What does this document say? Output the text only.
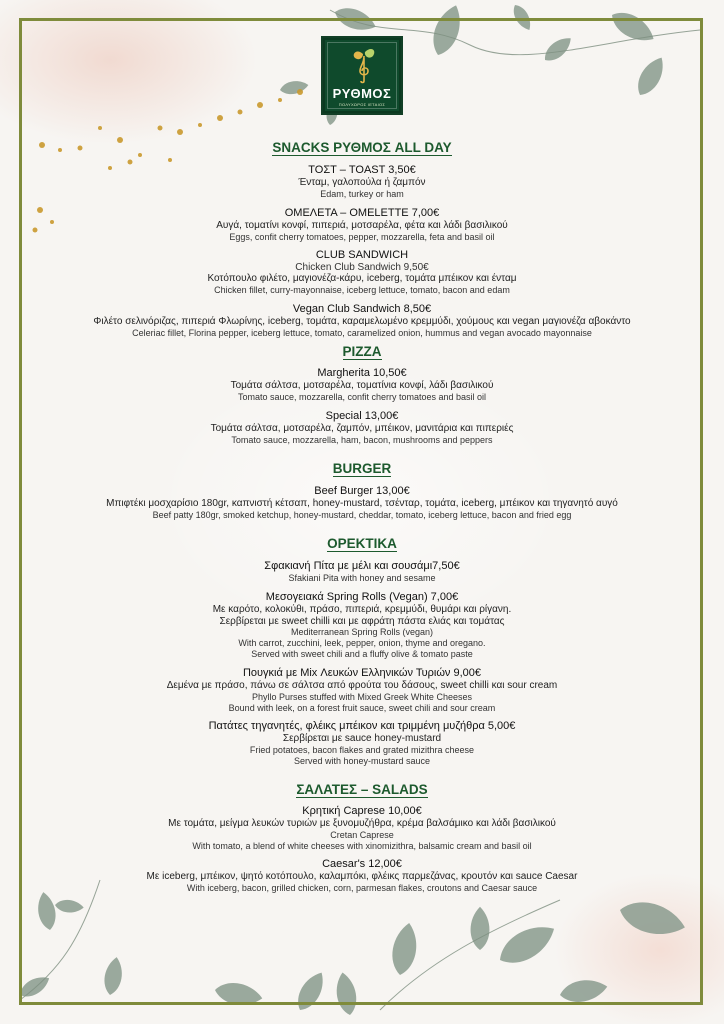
ΡΥΘΜΟΣ
ΠΟΛΥΧΩΡΟΣ ΙΕΤΑΙΟΣ
SNACKS ΡΥΘΜΟΣ ALL DAY
ΤΟΣΤ – TOAST 3,50€
Ένταμ, γαλοπούλα ή ζαμπόν
Edam, turkey or ham
ΟΜΕΛΕΤΑ – OMELETTE 7,00€
Αυγά, τοματίνι κονφί, πιπεριά, μοτσαρέλα, φέτα και λάδι βασιλικού
Eggs, confit cherry tomatoes, pepper, mozzarella, feta and basil oil
CLUB SANDWICH
Chicken Club Sandwich 9,50€
Κοτόπουλο φιλέτο, μαγιονέζα-κάρυ, iceberg, τομάτα μπέικον και ένταμ
Chicken fillet, curry-mayonnaise, iceberg lettuce, tomato, bacon and edam
Vegan Club Sandwich 8,50€
Φιλέτο σελινόριζας, πιπεριά Φλωρίνης, iceberg, τομάτα, καραμελωμένο κρεμμύδι, χούμους και vegan μαγιονέζα αβοκάντο
Celeriac fillet, Florina pepper, iceberg lettuce, tomato, caramelized onion, hummus and vegan avocado mayonnaise
PIZZA
Margherita 10,50€
Τομάτα σάλτσα, μοτσαρέλα, τοματίνια κονφί, λάδι βασιλικού
Tomato sauce, mozzarella, confit cherry tomatoes and basil oil
Special 13,00€
Τομάτα σάλτσα, μοτσαρέλα, ζαμπόν, μπέικον, μανιτάρια και πιπεριές
Tomato sauce, mozzarella, ham, bacon, mushrooms and peppers
BURGER
Beef Burger 13,00€
Μπιφτέκι μοσχαρίσιο 180gr, καπνιστή κέτσαπ, honey-mustard, τσένταρ, τομάτα, iceberg, μπέικον και τηγανητό αυγό
Beef patty 180gr, smoked ketchup, honey-mustard, cheddar, tomato, iceberg lettuce, bacon and fried egg
ΟΡΕΚΤΙΚΑ
Σφακιανή Πίτα με μέλι και σουσάμι7,50€
Sfakiani Pita with honey and sesame
Μεσογειακά Spring Rolls (Vegan) 7,00€
Με καρότο, κολοκύθι, πράσο, πιπεριά, κρεμμύδι, θυμάρι και ρίγανη.
Σερβίρεται με sweet chilli και με αφράτη πάστα ελιάς και τομάτας
Mediterranean Spring Rolls (vegan)
With carrot, zucchini, leek, pepper, onion, thyme and oregano.
Served with sweet chili and a fluffy olive & tomato paste
Πουγκιά με Mix Λευκών Ελληνικών Τυριών 9,00€
Δεμένα με πράσο, πάνω σε σάλτσα από φρούτα του δάσους, sweet chilli και sour cream
Phyllo Purses stuffed with Mixed Greek White Cheeses
Bound with leek, on a forest fruit sauce, sweet chili and sour cream
Πατάτες τηγανητές, φλέικς μπέικον και τριμμένη μυζήθρα 5,00€
Σερβίρεται με sauce honey-mustard
Fried potatoes, bacon flakes and grated mizithra cheese
Served with honey-mustard sauce
ΣΑΛΑΤΕΣ – SALADS
Κρητική Caprese 10,00€
Με τομάτα, μείγμα λευκών τυριών με ξυνομυζήθρα, κρέμα βαλσάμικο και λάδι βασιλικού
Cretan Caprese
With tomato, a blend of white cheeses with xinomizithra, balsamic cream and basil oil
Caesar's 12,00€
Με iceberg, μπέικον, ψητό κοτόπουλο, καλαμπόκι, φλέικς παρμεζάνας, κρουτόν και sauce Caesar
With iceberg, bacon, grilled chicken, corn, parmesan flakes, croutons and Caesar sauce
